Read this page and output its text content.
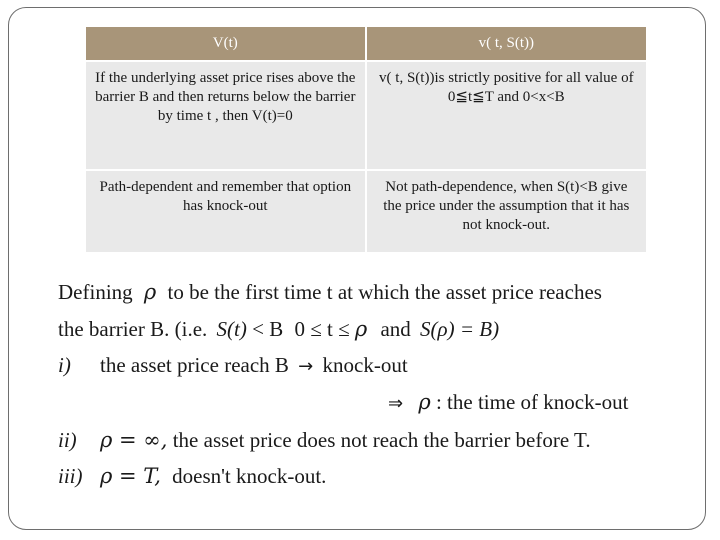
V(t)	v( t, S(t))
If the underlying asset price rises above the barrier B and then returns below the barrier by time t , then V(t)=0	v( t, S(t))is strictly positive for all value of 0≦t≦T and 0<x<B
Path-dependent and remember that option has knock-out	Not path-dependence, when S(t)<B give the price under the assumption that it has not knock-out.
Defining ρ to be the first time t at which the asset price reaches
the barrier B. (i.e. S(t) < B 0 ≤ t ≤ ρ and S(ρ) = B)
i) the asset price reach B → knock-out
⇒ ρ : the time of knock-out
ii) ρ = ∞, the asset price does not reach the barrier before T.
iii) ρ = T, doesn't knock-out.
